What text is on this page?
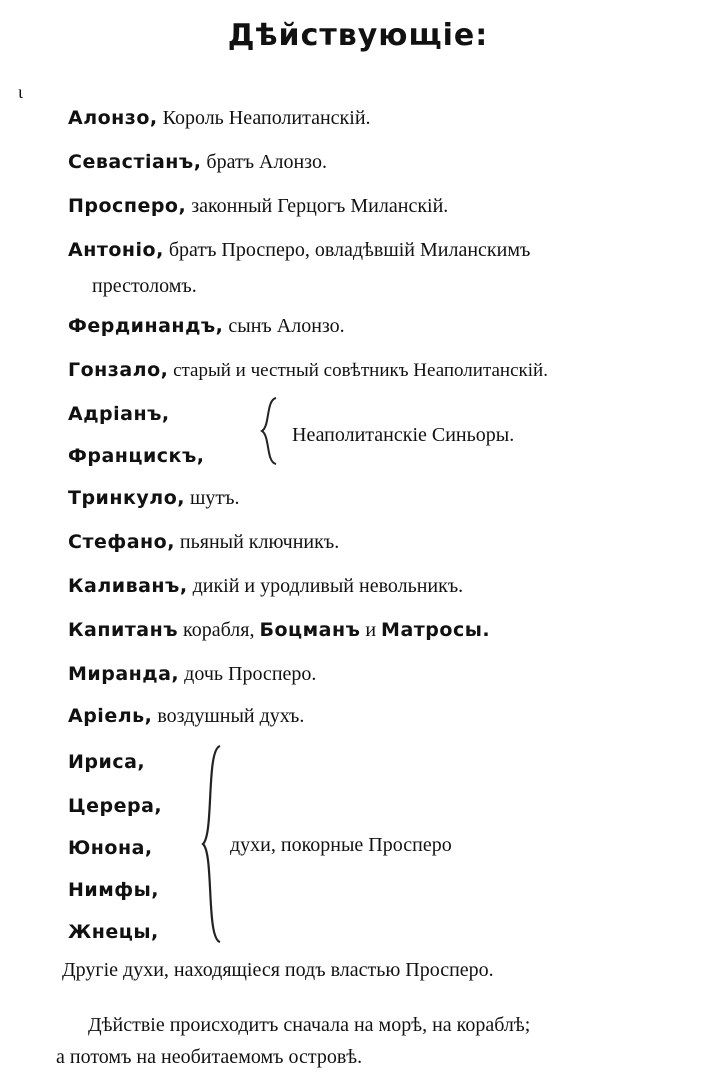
Дѣйствующіе:
ι
Алонзо, Король Неаполитанскій.
Севастіанъ, братъ Алонзо.
Просперо, законный Герцогъ Миланскій.
Антоніо, братъ Просперо, овладѣвшій Миланскимъ
престоломъ.
Фердинандъ, сынъ Алонзо.
Гонзало, старый и честный совѣтникъ Неаполитанскій.
Адріанъ,
Францискъ,
Неаполитанскіе Синьоры.
Тринкуло, шутъ.
Стефано, пьяный ключникъ.
Каливанъ, дикій и уродливый невольникъ.
Капитанъ корабля, Боцманъ и Матросы.
Миранда, дочь Просперо.
Аріель, воздушный духъ.
Ириса,
Церера,
Юнона,
Нимфы,
Жнецы,
духи, покорные Просперо
Другіе духи, находящіеся подъ властью Просперо.
Дѣйствіе происходитъ сначала на морѣ, на кораблѣ;
а потомъ на необитаемомъ островѣ.
